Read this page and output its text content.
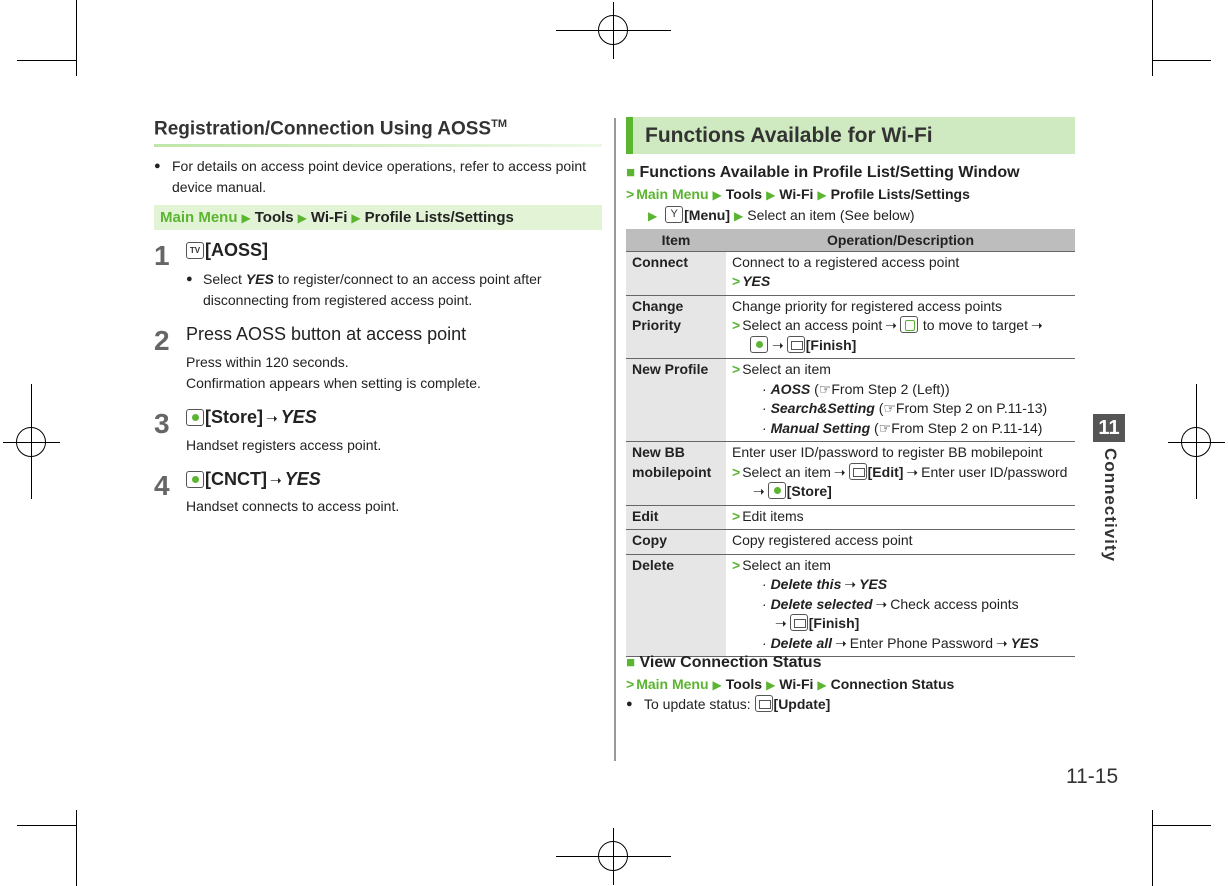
Registration/Connection Using AOSS™
● For details on access point device operations, refer to access point device manual.
Main Menu ▶ Tools ▶ Wi-Fi ▶ Profile Lists/Settings
1 TV	[AOSS]
● Select YES to register/connect to an access point after
disconnecting from registered access point.
2 Press AOSS button at access point
Press within 120 seconds.
Confirmation appears when setting is complete.
3	[Store] ➝ YES
Handset registers access point.
4	[CNCT] ➝ YES
Handset connects to access point.
Functions Available for Wi-Fi
■ Functions Available in Profile List/Setting Window
> Main Menu ▶ Tools ▶ Wi-Fi ▶ Profile Lists/Settings
▶ Y [Menu] ▶ Select an item (See below)
Item	Operation/Description
Connect	Connect to a registered access point
> YES
Change
Priority	Change priority for registered access points
> Select an access point ➝ to move to target ➝
➝ [Finish]
New Profile	> Select an item
· AOSS (☞From Step 2 (Left))
· Search&Setting (☞From Step 2 on P.11-13)
· Manual Setting (☞From Step 2 on P.11-14)
New BB
mobilepoint	Enter user ID/password to register BB mobilepoint
> Select an item ➝ [Edit] ➝ Enter user ID/password
➝ [Store]
Edit	> Edit items
Copy	Copy registered access point
Delete	> Select an item
· Delete this ➝ YES
· Delete selected ➝ Check access points
➝ [Finish]
· Delete all ➝ Enter Phone Password ➝ YES
■ View Connection Status
> Main Menu ▶ Tools ▶ Wi-Fi ▶ Connection Status
● To update status: [Update]
11
Connectivity
11-15
